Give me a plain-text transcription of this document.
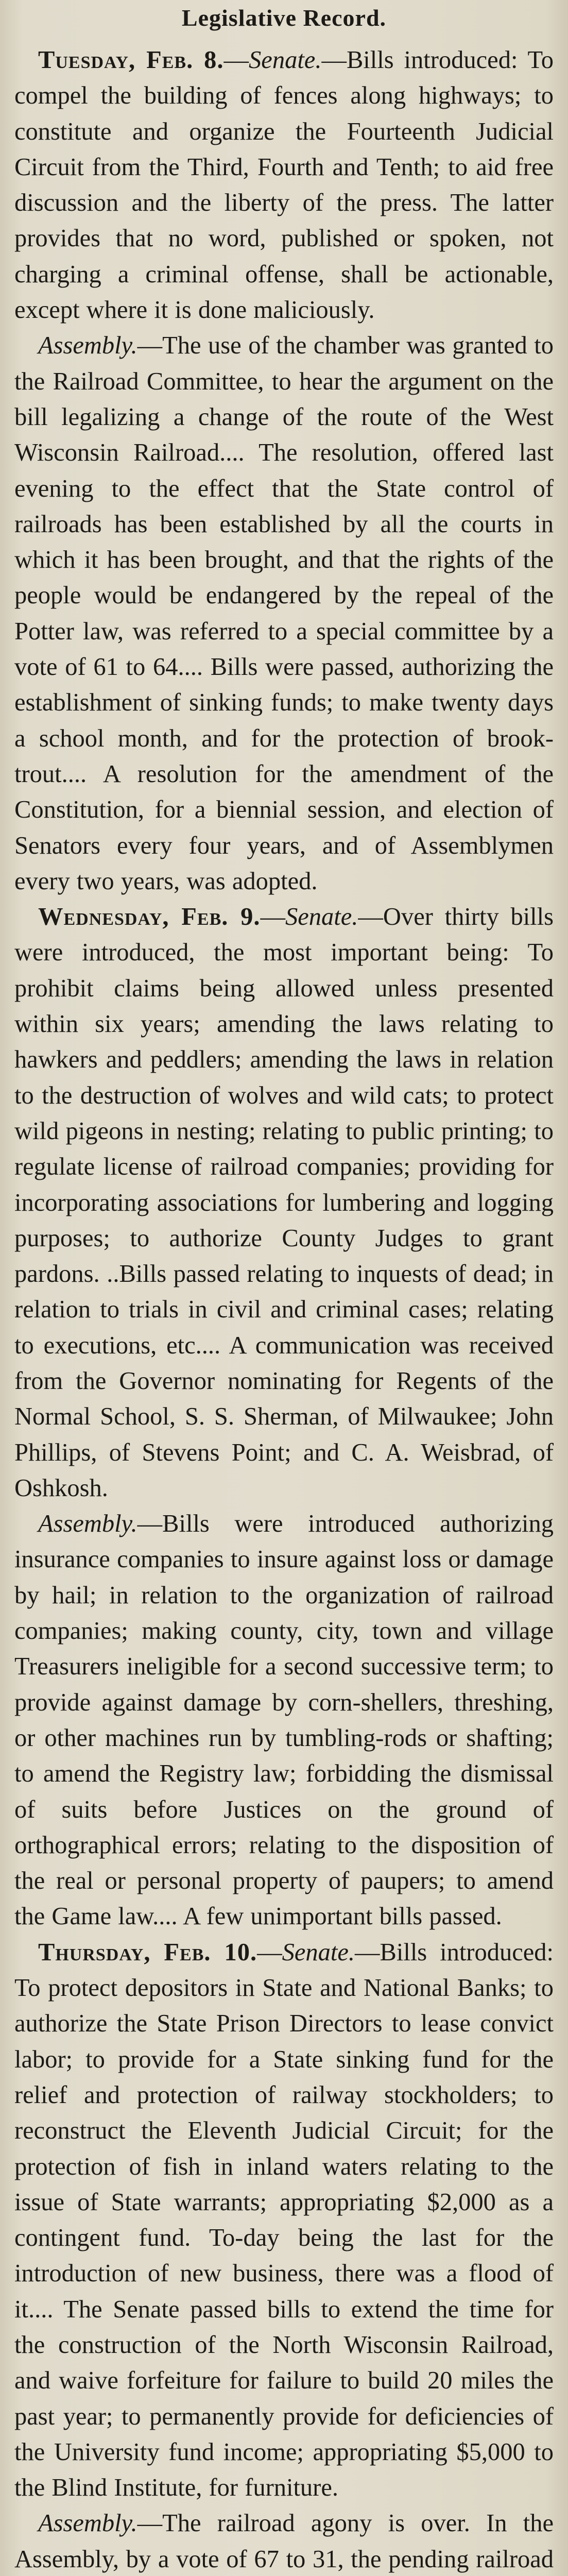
Legislative Record.

Tuesday, Feb. 8.—Senate.—Bills introduced: To compel the building of fences along highways; to constitute and organize the Fourteenth Judicial Circuit from the Third, Fourth and Tenth; to aid free discussion and the liberty of the press. The latter provides that no word, published or spoken, not charging a criminal offense, shall be actionable, except where it is done maliciously.

Assembly.—The use of the chamber was granted to the Railroad Committee, to hear the argument on the bill legalizing a change of the route of the West Wisconsin Railroad.... The resolution, offered last evening to the effect that the State control of railroads has been established by all the courts in which it has been brought, and that the rights of the people would be endangered by the repeal of the Potter law, was referred to a special committee by a vote of 61 to 64.... Bills were passed, authorizing the establishment of sinking funds; to make twenty days a school month, and for the protection of brook-trout.... A resolution for the amendment of the Constitution, for a biennial session, and election of Senators every four years, and of Assemblymen every two years, was adopted.

Wednesday, Feb. 9.—Senate.—Over thirty bills were introduced, the most important being: To prohibit claims being allowed unless presented within six years; amending the laws relating to hawkers and peddlers; amending the laws in relation to the destruction of wolves and wild cats; to protect wild pigeons in nesting; relating to public printing; to regulate license of railroad companies; providing for incorporating associations for lumbering and logging purposes; to authorize County Judges to grant pardons. ..Bills passed relating to inquests of dead; in relation to trials in civil and criminal cases; relating to executions, etc.... A communication was received from the Governor nominating for Regents of the Normal School, S. S. Sherman, of Milwaukee; John Phillips, of Stevens Point; and C. A. Weisbrad, of Oshkosh.

Assembly.—Bills were introduced authorizing insurance companies to insure against loss or damage by hail; in relation to the organization of railroad companies; making county, city, town and village Treasurers ineligible for a second successive term; to provide against damage by corn-shellers, threshing, or other machines run by tumbling-rods or shafting; to amend the Registry law; forbidding the dismissal of suits before Justices on the ground of orthographical errors; relating to the disposition of the real or personal property of paupers; to amend the Game law.... A few unimportant bills passed.

Thursday, Feb. 10.—Senate.—Bills introduced: To protect depositors in State and National Banks; to authorize the State Prison Directors to lease convict labor; to provide for a State sinking fund for the relief and protection of railway stockholders; to reconstruct the Eleventh Judicial Circuit; for the protection of fish in inland waters relating to the issue of State warrants; appropriating $2,000 as a contingent fund. To-day being the last for the introduction of new business, there was a flood of it.... The Senate passed bills to extend the time for the construction of the North Wisconsin Railroad, and waive forfeiture for failure to build 20 miles the past year; to permanently provide for deficiencies of the University fund income; appropriating $5,000 to the Blind Institute, for furniture.

Assembly.—The railroad agony is over. In the Assembly, by a vote of 67 to 31, the pending railroad
